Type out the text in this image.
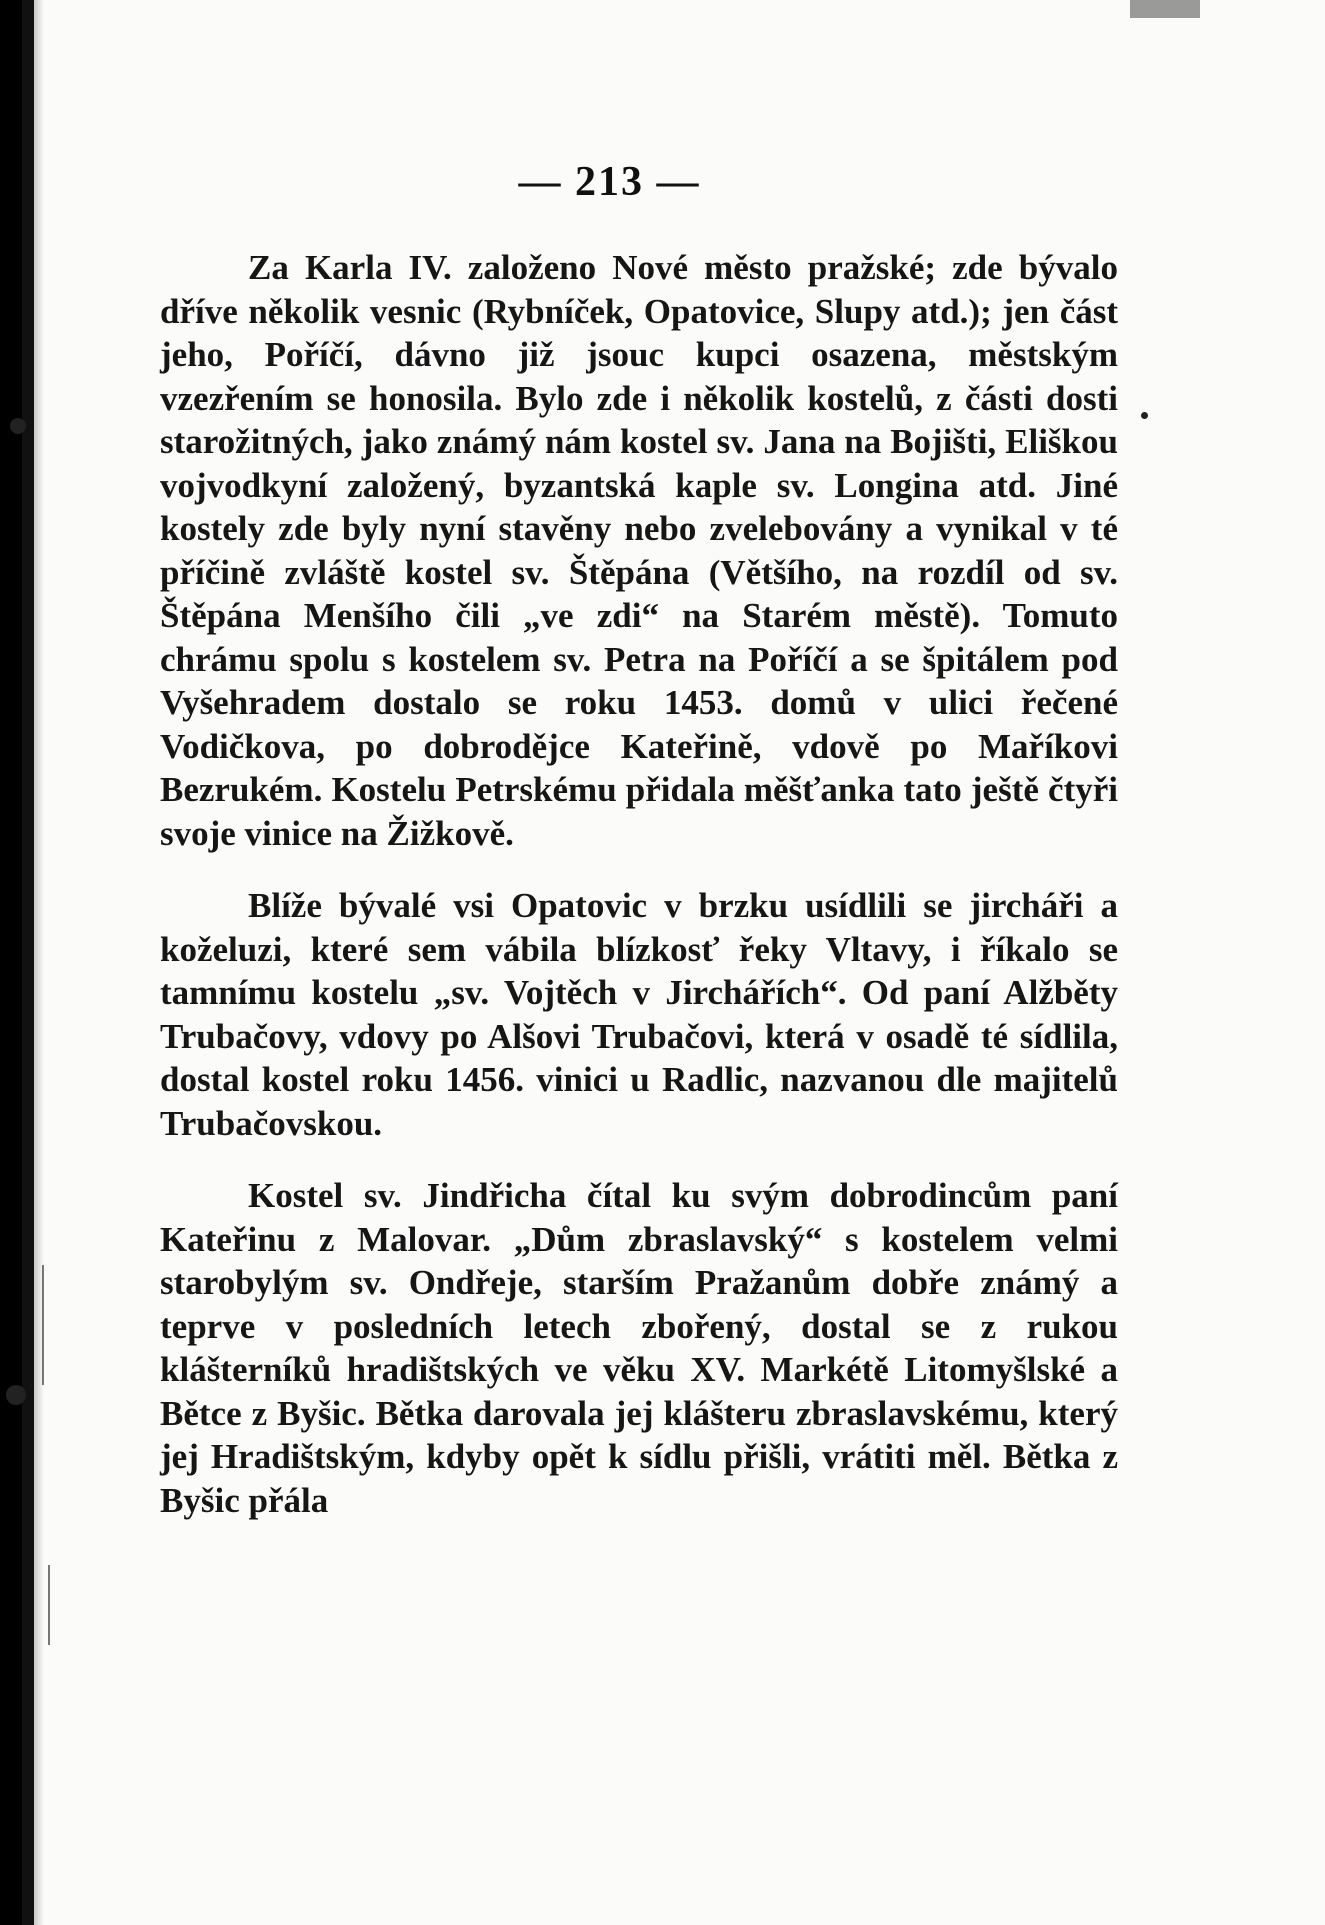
— 213 —

Za Karla IV. založeno Nové město pražské; zde bývalo dříve několik vesnic (Rybníček, Opatovice, Slupy atd.); jen část jeho, Poříčí, dávno již jsouc kupci osazena, městským vzezřením se honosila. Bylo zde i několik kostelů, z části dosti starožitných, jako známý nám kostel sv. Jana na Bojišti, Eliškou vojvodkyní založený, byzantská kaple sv. Longina atd. Jiné kostely zde byly nyní stavěny nebo zvelebovány a vynikal v té příčině zvláště kostel sv. Štěpána (Většího, na rozdíl od sv. Štěpána Menšího čili „ve zdi“ na Starém městě). Tomuto chrámu spolu s kostelem sv. Petra na Poříčí a se špitálem pod Vyšehradem dostalo se roku 1453. domů v ulici řečené Vodičkova, po dobrodějce Kateřině, vdově po Maříkovi Bezrukém. Kostelu Petrskému přidala měšťanka tato ještě čtyři svoje vinice na Žižkově.

Blíže bývalé vsi Opatovic v brzku usídlili se jircháři a koželuzi, které sem vábila blízkosť řeky Vltavy, i říkalo se tamnímu kostelu „sv. Vojtěch v Jirchářích“. Od paní Alžběty Trubačovy, vdovy po Alšovi Trubačovi, která v osadě té sídlila, dostal kostel roku 1456. vinici u Radlic, nazvanou dle majitelů Trubačovskou.

Kostel sv. Jindřicha čítal ku svým dobrodincům paní Kateřinu z Malovar. „Dům zbraslavský“ s kostelem velmi starobylým sv. Ondřeje, starším Pražanům dobře známý a teprve v posledních letech zbořený, dostal se z rukou klášterníků hradištských ve věku XV. Markétě Litomyšlské a Bětce z Byšic. Bětka darovala jej klášteru zbraslavskému, který jej Hradištským, kdyby opět k sídlu přišli, vrátiti měl. Bětka z Byšic přála
